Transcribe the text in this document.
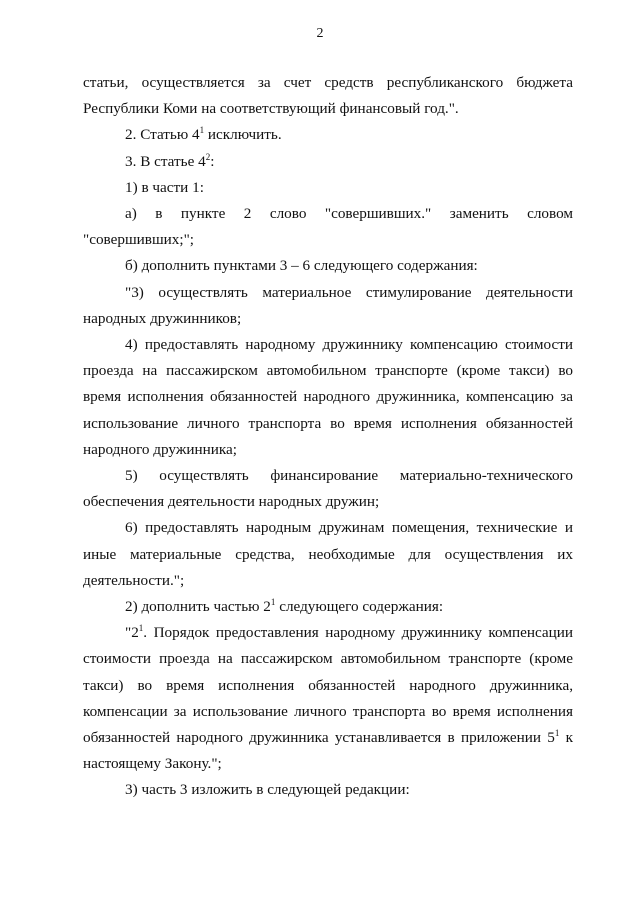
2

статьи, осуществляется за счет средств республиканского бюджета Республики Коми на соответствующий финансовый год.".

2. Статью $4^1$ исключить.

3. В статье $4^2$:

1) в части 1:

а) в пункте 2 слово "совершивших." заменить словом "совершивших;";

б) дополнить пунктами 3 – 6 следующего содержания:

"3) осуществлять материальное стимулирование деятельности народных дружинников;

4) предоставлять народному дружиннику компенсацию стоимости проезда на пассажирском автомобильном транспорте (кроме такси) во время исполнения обязанностей народного дружинника, компенсацию за использование личного транспорта во время исполнения обязанностей народного дружинника;

5) осуществлять финансирование материально-технического обеспечения деятельности народных дружин;

6) предоставлять народным дружинам помещения, технические и иные материальные средства, необходимые для осуществления их деятельности.";

2) дополнить частью $2^1$ следующего содержания:

"$2^1$. Порядок предоставления народному дружиннику компенсации стоимости проезда на пассажирском автомобильном транспорте (кроме такси) во время исполнения обязанностей народного дружинника, компенсации за использование личного транспорта во время исполнения обязанностей народного дружинника устанавливается в приложении $5^1$ к настоящему Закону.";

3) часть 3 изложить в следующей редакции:
